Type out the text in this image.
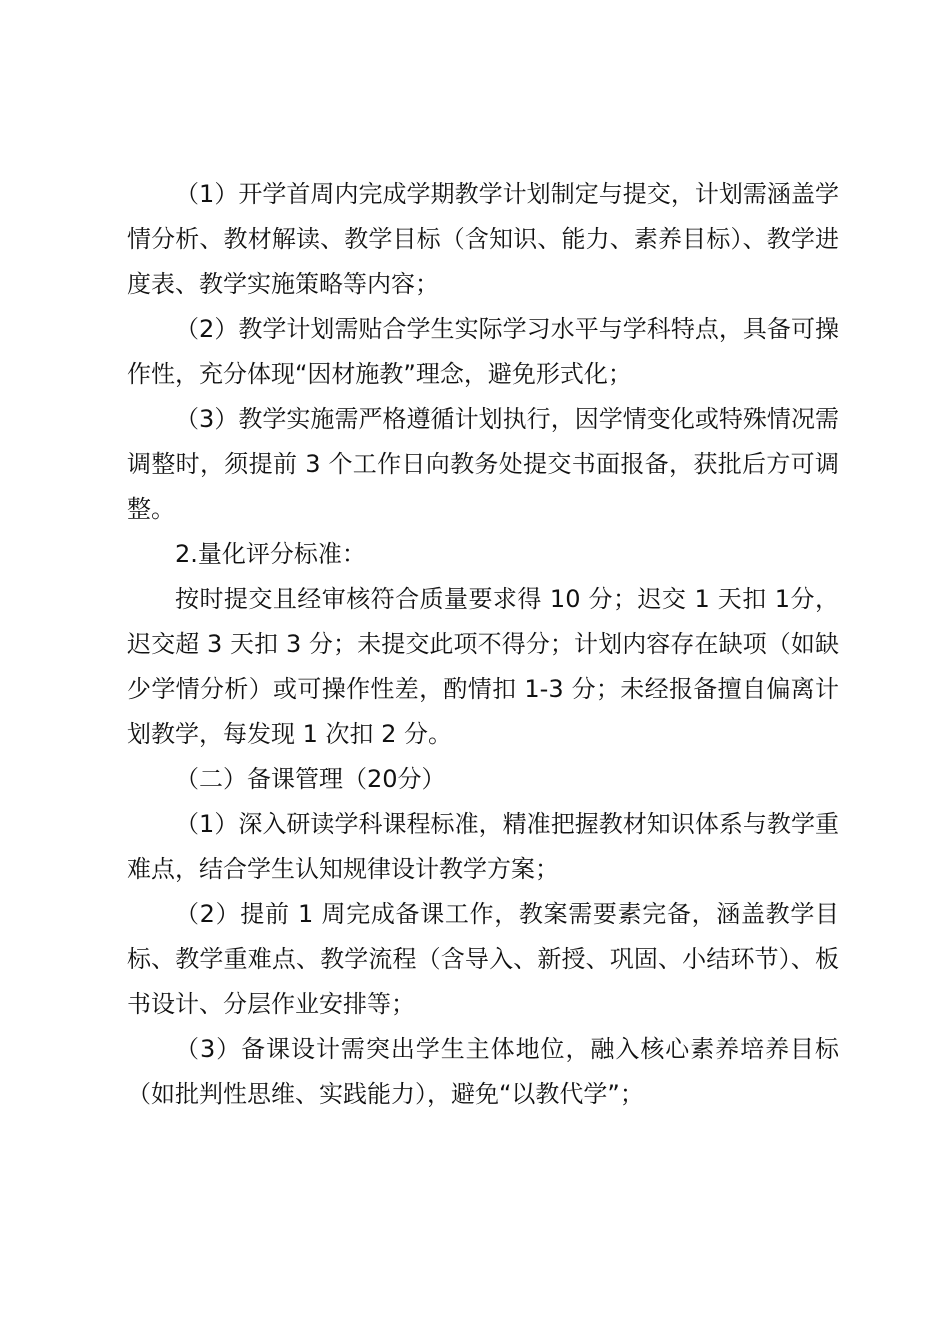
（1）开学首周内完成学期教学计划制定与提交，计划需涵盖学情分析、教材解读、教学目标（含知识、能力、素养目标）、教学进度表、教学实施策略等内容；

（2）教学计划需贴合学生实际学习水平与学科特点，具备可操作性，充分体现“因材施教”理念，避免形式化；

（3）教学实施需严格遵循计划执行，因学情变化或特殊情况需调整时，须提前 3 个工作日向教务处提交书面报备，获批后方可调整。

2.量化评分标准：

按时提交且经审核符合质量要求得 10 分；迟交 1 天扣 1分，迟交超 3 天扣 3 分；未提交此项不得分；计划内容存在缺项（如缺少学情分析）或可操作性差，酌情扣 1-3 分；未经报备擅自偏离计划教学，每发现 1 次扣 2 分。

（二）备课管理（20分）

（1）深入研读学科课程标准，精准把握教材知识体系与教学重难点，结合学生认知规律设计教学方案；

（2）提前 1 周完成备课工作，教案需要素完备，涵盖教学目标、教学重难点、教学流程（含导入、新授、巩固、小结环节）、板书设计、分层作业安排等；

（3）备课设计需突出学生主体地位，融入核心素养培养目标（如批判性思维、实践能力），避免“以教代学”；
